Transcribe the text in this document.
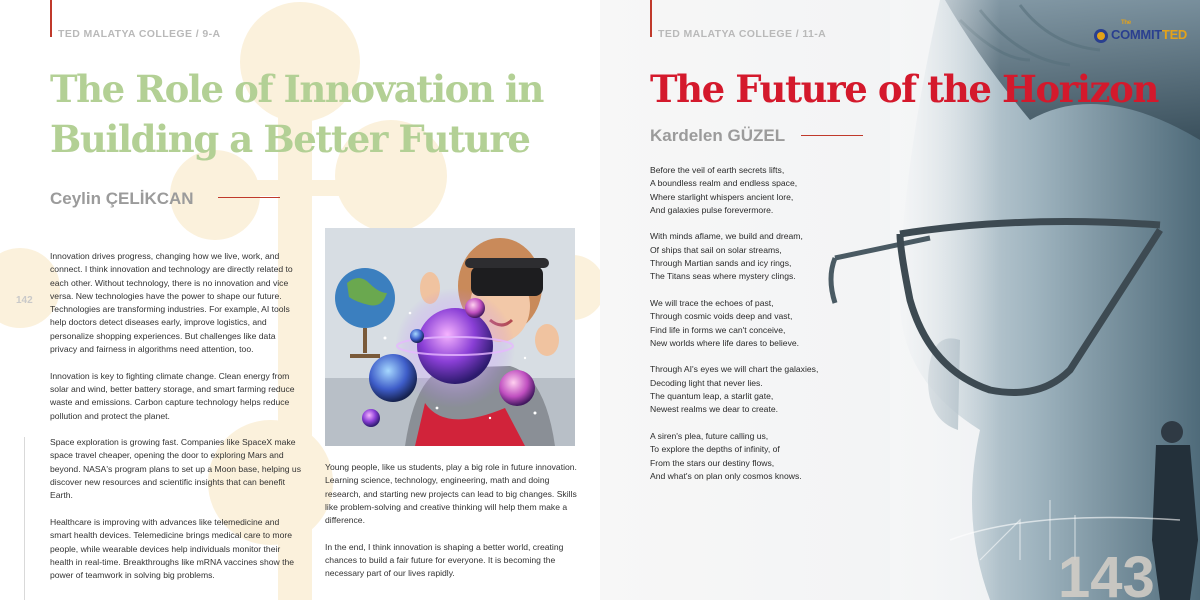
TED MALATYA COLLEGE / 9-A
The Role of Innovation in
Building a Better Future

Ceylin ÇELİKCAN

142

Innovation drives progress, changing how we live, work, and connect. I think innovation and technology are directly related to each other. Without technology, there is no innovation and vice versa. New technologies have the power to shape our future. Technologies are transforming industries. For example, AI tools help doctors detect diseases early, improve logistics, and personalize shopping experiences. But challenges like data privacy and fairness in algorithms need attention, too.

Innovation is key to fighting climate change. Clean energy from solar and wind, better battery storage, and smart farming reduce waste and emissions. Carbon capture technology helps reduce pollution and protect the planet.

Space exploration is growing fast. Companies like SpaceX make space travel cheaper, opening the door to exploring Mars and beyond. NASA's program plans to set up a Moon base, helping us discover new resources and scientific insights that can benefit Earth.

Healthcare is improving with advances like telemedicine and smart health devices. Telemedicine brings medical care to more people, while wearable devices help individuals monitor their health in real-time. Breakthroughs like mRNA vaccines show the power of teamwork in solving big problems.

Young people, like us students, play a big role in future innovation. Learning science, technology, engineering, math and doing research, and starting new projects can lead to big changes. Skills like problem-solving and creative thinking will help them make a difference.

In the end, I think innovation is shaping a better world, creating chances to build a fair future for everyone. It is becoming the necessary part of our lives rapidly.

TED MALATYA COLLEGE / 11-A
The
COMMITTED
The Future of the Horizon

Kardelen GÜZEL

Before the veil of earth secrets lifts,
A boundless realm and endless space,
Where starlight whispers ancient lore,
And galaxies pulse forevermore.
With minds aflame, we build and dream,
Of ships that sail on solar streams,
Through Martian sands and icy rings,
The Titans seas where mystery clings.
We will trace the echoes of past,
Through cosmic voids deep and vast,
Find life in forms we can't conceive,
New worlds where life dares to believe.
Through AI's eyes we will chart the galaxies,
Decoding light that never lies.
The quantum leap, a starlit gate,
Newest realms we dear to create.
A siren's plea, future calling us,
To explore the depths of infinity, of
From the stars our destiny flows,
And what's on plan only cosmos knows.
143
